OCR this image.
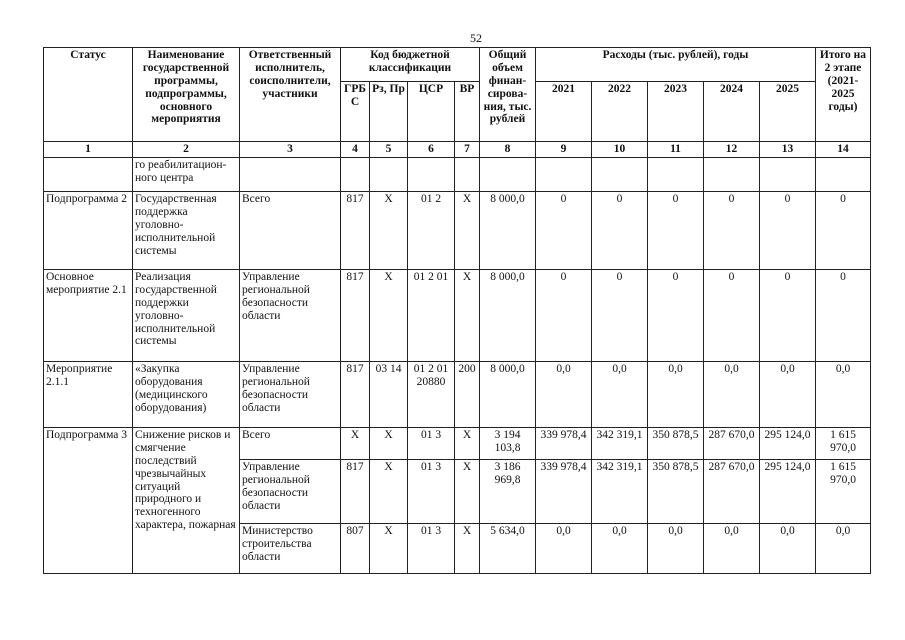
52
Статус	Наименование государственной программы, подпрограммы, основного мероприятия	Ответственный исполнитель, соисполнители, участники	Код бюджетной классификации				Общий объем финан-сирова-ния, тыс. рублей	Расходы (тыс. рублей), годы					Итого на 2 этапе (2021-2025 годы)
			ГРБ С	Рз, Пр	ЦСР	ВР		2021	2022	2023	2024	2025	
1	2	3	4	5	6	7	8	9	10	11	12	13	14
	го реабилитацион-ного центра												
Подпрограмма 2	Государственная поддержка уголовно-исполнительной системы	Всего	817	Х	01 2	Х	8 000,0	0	0	0	0	0	0
Основное мероприятие 2.1	Реализация государственной поддержки уголовно-исполнительной системы	Управление региональной безопасности области	817	Х	01 2 01	Х	8 000,0	0	0	0	0	0	0
Мероприятие 2.1.1	«Закупка оборудования (медицинского оборудования)	Управление региональной безопасности области	817	03 14	01 2 01 20880	200	8 000,0	0,0	0,0	0,0	0,0	0,0	0,0
Подпрограмма 3	Снижение рисков и смягчение последствий чрезвычайных ситуаций природного и техногенного характера, пожарная	Всего	Х	Х	01 3	Х	3 194 103,8	339 978,4	342 319,1	350 878,5	287 670,0	295 124,0	1 615 970,0
		Управление региональной безопасности области	817	Х	01 3	Х	3 186 969,8	339 978,4	342 319,1	350 878,5	287 670,0	295 124,0	1 615 970,0
		Министерство строительства области	807	Х	01 3	Х	5 634,0	0,0	0,0	0,0	0,0	0,0	0,0
